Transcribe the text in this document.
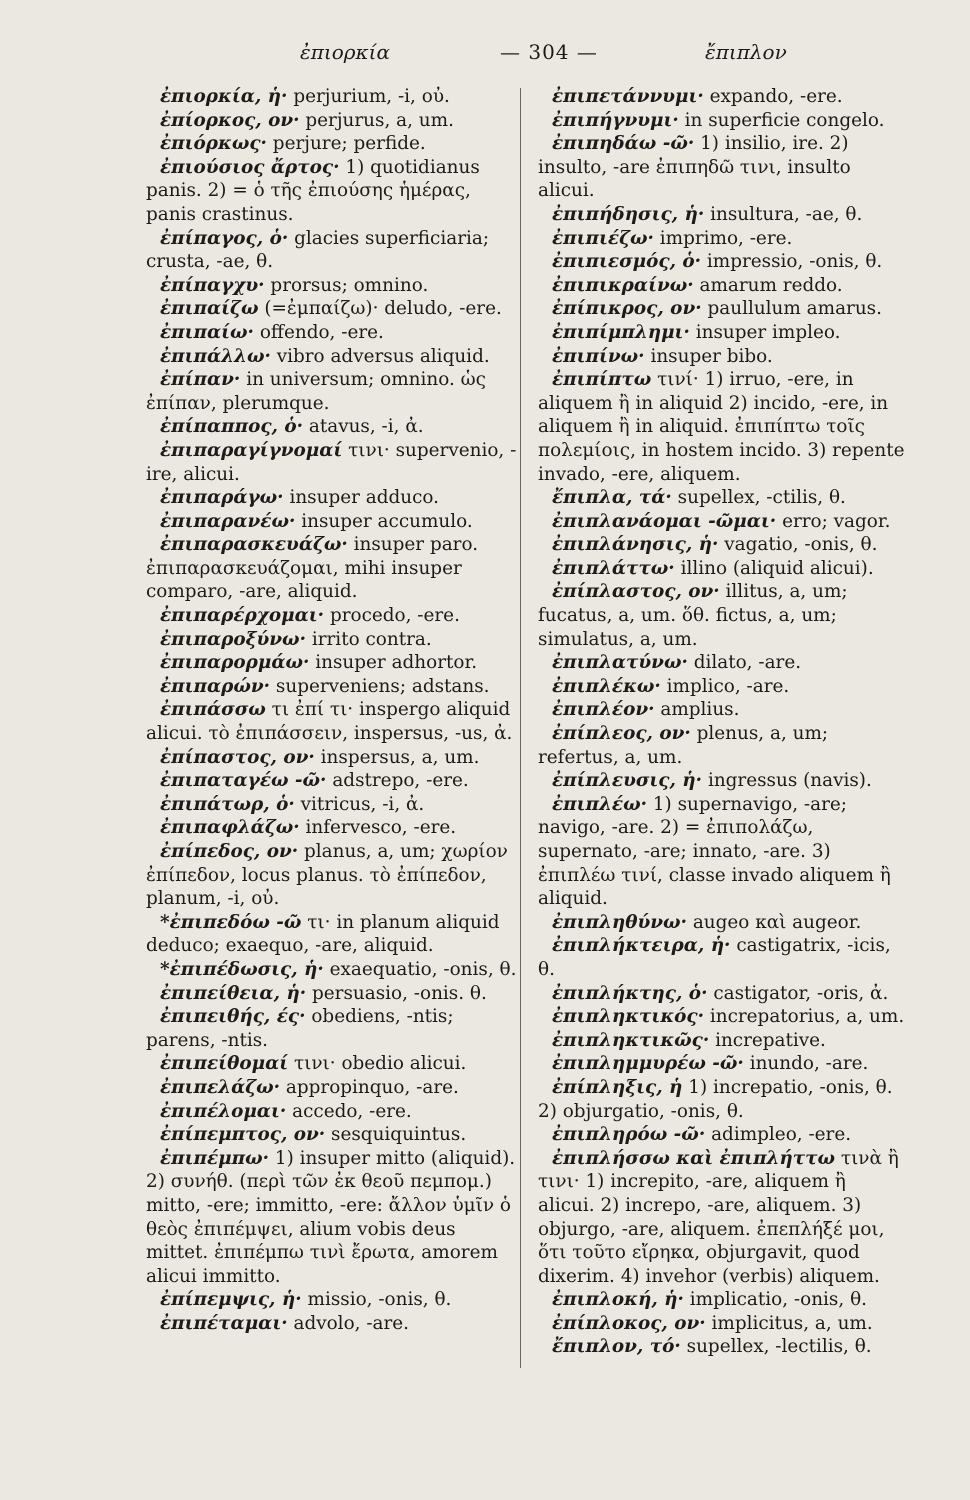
ἐπιορκία	— 304 —	ἔπιπλον

ἐπιορκία, ἡ· perjurium, -i, οὐ.

ἐπίορκος, ον· perjurus, a, um.

ἐπιόρκως· perjure; perfide.

ἐπιούσιος ἄρτος· 1) quotidianus panis. 2) = ὁ τῆς ἐπιούσης ἡμέρας, panis crastinus.

ἐπίπαγος, ὁ· glacies superficiaria; crusta, -ae, θ.

ἐπίπαγχυ· prorsus; omnino.

ἐπιπαίζω (=ἐμπαίζω)· deludo, -ere.

ἐπιπαίω· offendo, -ere.

ἐπιπάλλω· vibro adversus aliquid.

ἐπίπαν· in universum; omnino. ὡς ἐπίπαν, plerumque.

ἐπίπαππος, ὁ· atavus, -i, ἀ.

ἐπιπαραγίγνομαί τινι· supervenio, -ire, alicui.

ἐπιπαράγω· insuper adduco.

ἐπιπαρανέω· insuper accumulo.

ἐπιπαρασκευάζω· insuper paro. ἐπιπαρασκευάζομαι, mihi insuper comparo, -are, aliquid.

ἐπιπαρέρχομαι· procedo, -ere.

ἐπιπαροξύνω· irrito contra.

ἐπιπαρορμάω· insuper adhortor.

ἐπιπαρών· superveniens; adstans.

ἐπιπάσσω τι ἐπί τι· inspergo aliquid alicui. τὸ ἐπιπάσσειν, inspersus, -us, ἀ.

ἐπίπαστος, ον· inspersus, a, um.

ἐπιπαταγέω -ῶ· adstrepo, -ere.

ἐπιπάτωρ, ὁ· vitricus, -i, ἀ.

ἐπιπαφλάζω· infervesco, -ere.

ἐπίπεδος, ον· planus, a, um; χωρίον ἐπίπεδον, locus planus. τὸ ἐπίπεδον, planum, -i, οὐ.

*ἐπιπεδόω -ῶ τι· in planum aliquid deduco; exaequo, -are, aliquid.

*ἐπιπέδωσις, ἡ· exaequatio, -onis, θ.

ἐπιπείθεια, ἡ· persuasio, -onis. θ.

ἐπιπειθής, ές· obediens, -ntis; parens, -ntis.

ἐπιπείθομαί τινι· obedio alicui.

ἐπιπελάζω· appropinquo, -are.

ἐπιπέλομαι· accedo, -ere.

ἐπίπεμπτος, ον· sesquiquintus.

ἐπιπέμπω· 1) insuper mitto (aliquid). 2) συνήθ. (περὶ τῶν ἐκ θεοῦ πεμπομ.) mitto, -ere; immitto, -ere: ἄλλον ὑμῖν ὁ θεὸς ἐπιπέμψει, alium vobis deus mittet. ἐπιπέμπω τινὶ ἔρωτα, amorem alicui immitto.

ἐπίπεμψις, ἡ· missio, -onis, θ.

ἐπιπέταμαι· advolo, -are.

ἐπιπετάννυμι· expando, -ere.

ἐπιπήγνυμι· in superficie congelo.

ἐπιπηδάω -ῶ· 1) insilio, ire. 2) insulto, -are ἐπιπηδῶ τινι, insulto alicui.

ἐπιπήδησις, ἡ· insultura, -ae, θ.

ἐπιπιέζω· imprimo, -ere.

ἐπιπιεσμός, ὁ· impressio, -onis, θ.

ἐπιπικραίνω· amarum reddo.

ἐπίπικρος, ον· paullulum amarus.

ἐπιπίμπλημι· insuper impleo.

ἐπιπίνω· insuper bibo.

ἐπιπίπτω τινί· 1) irruo, -ere, in aliquem ἢ in aliquid 2) incido, -ere, in aliquem ἢ in aliquid. ἐπιπίπτω τοῖς πολεμίοις, in hostem incido. 3) repente invado, -ere, aliquem.

ἔπιπλα, τά· supellex, -ctilis, θ.

ἐπιπλανάομαι -ῶμαι· erro; vagor.

ἐπιπλάνησις, ἡ· vagatio, -onis, θ.

ἐπιπλάττω· illino (aliquid alicui).

ἐπίπλαστος, ον· illitus, a, um; fucatus, a, um. ὅθ. fictus, a, um; simulatus, a, um.

ἐπιπλατύνω· dilato, -are.

ἐπιπλέκω· implico, -are.

ἐπιπλέον· amplius.

ἐπίπλεος, ον· plenus, a, um; refertus, a, um.

ἐπίπλευσις, ἡ· ingressus (navis).

ἐπιπλέω· 1) supernavigo, -are; navigo, -are. 2) = ἐπιπολάζω, supernato, -are; innato, -are. 3) ἐπιπλέω τινί, classe invado aliquem ἢ aliquid.

ἐπιπληθύνω· augeo καὶ augeor.

ἐπιπλήκτειρα, ἡ· castigatrix, -icis, θ.

ἐπιπλήκτης, ὁ· castigator, -oris, ἀ.

ἐπιπληκτικός· increpatorius, a, um.

ἐπιπληκτικῶς· increpative.

ἐπιπλημμυρέω -ῶ· inundo, -are.

ἐπίπληξις, ἡ 1) increpatio, -onis, θ. 2) objurgatio, -onis, θ.

ἐπιπληρόω -ῶ· adimpleo, -ere.

ἐπιπλήσσω καὶ ἐπιπλήττω τινὰ ἢ τινι· 1) increpito, -are, aliquem ἢ alicui. 2) increpo, -are, aliquem. 3) objurgo, -are, aliquem. ἐπεπλήξέ μοι, ὅτι τοῦτο εἴρηκα, objurgavit, quod dixerim. 4) invehor (verbis) aliquem.

ἐπιπλοκή, ἡ· implicatio, -onis, θ.

ἐπίπλοκος, ον· implicitus, a, um.

ἔπιπλον, τό· supellex, -lectilis, θ.
